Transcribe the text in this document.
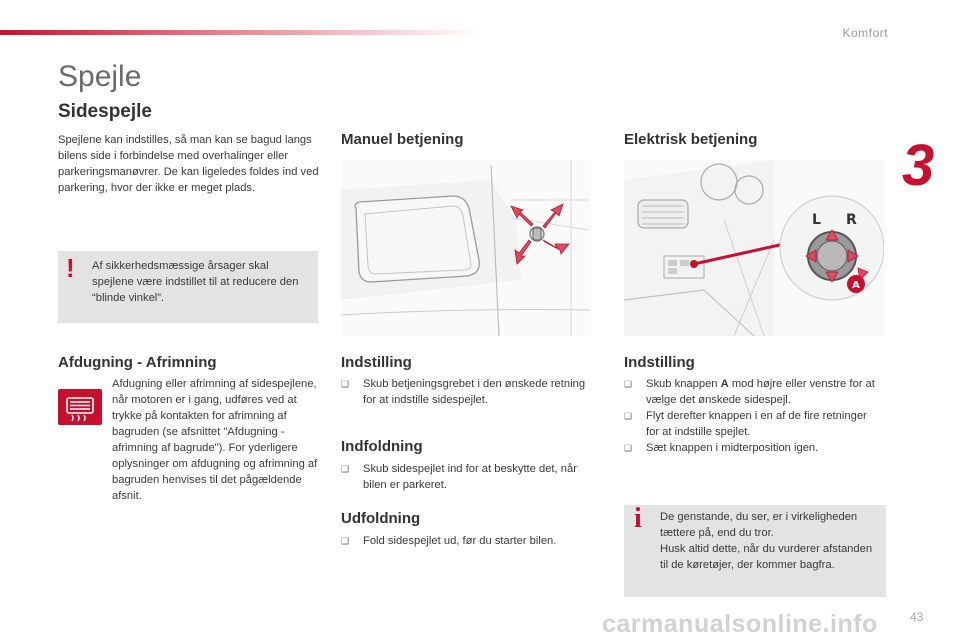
Komfort
3
Spejle
Sidespejle
Spejlene kan indstilles, så man kan se bagud langs bilens side i forbindelse med overhalinger eller parkeringsmanøvrer. De kan ligeledes foldes ind ved parkering, hvor der ikke er meget plads.
! Af sikkerhedsmæssige årsager skal spejlene være indstillet til at reducere den “blinde vinkel”.
Afdugning - Afrimning
Afdugning eller afrimning af sidespejlene, når motoren er i gang, udføres ved at trykke på kontakten for afrimning af bagruden (se afsnittet "Afdugning - afrimning af bagrude"). For yderligere oplysninger om afdugning og afrimning af bagruden henvises til det pågældende afsnit.
Manuel betjening
Indstilling
❑ Skub betjeningsgrebet i den ønskede retning for at indstille sidespejlet.
Indfoldning
❑ Skub sidespejlet ind for at beskytte det, når bilen er parkeret.
Udfoldning
❑ Fold sidespejlet ud, før du starter bilen.
Elektrisk betjening
L R
A
Indstilling
❑ Skub knappen A mod højre eller venstre for at vælge det ønskede sidespejl.
❑ Flyt derefter knappen i en af de fire retninger for at indstille spejlet.
❑ Sæt knappen i midterposition igen.
i De genstande, du ser, er i virkeligheden tættere på, end du tror.
Husk altid dette, når du vurderer afstanden til de køretøjer, der kommer bagfra.
carmanualsonline.info	43
